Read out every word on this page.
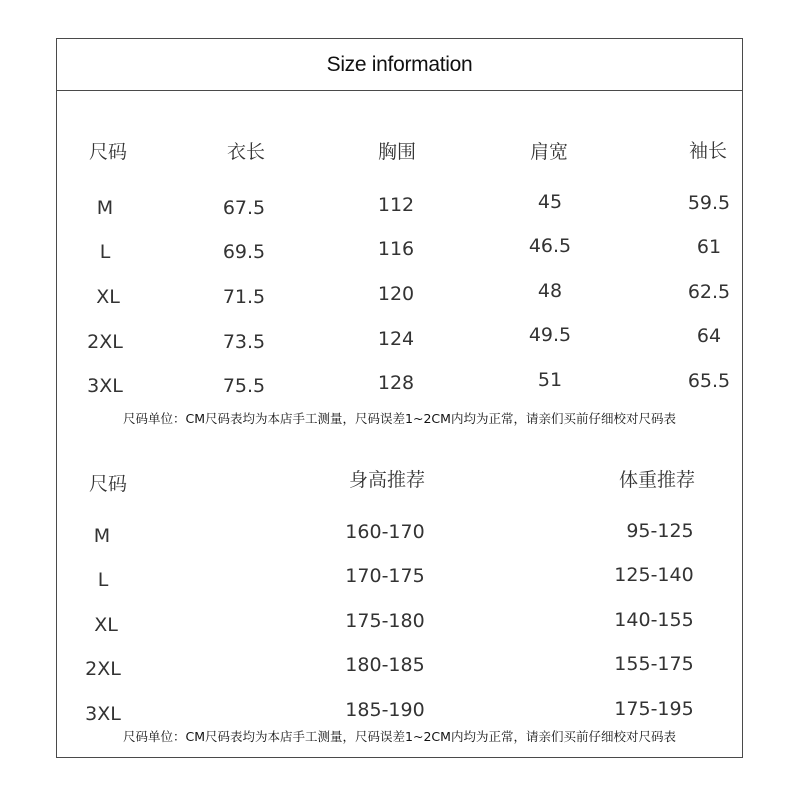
Size information
尺码	衣长	胸围	肩宽	袖长
M	67.5	112	45	59.5
L	69.5	116	46.5	61
XL	71.5	120	48	62.5
2XL	73.5	124	49.5	64
3XL	75.5	128	51	65.5
尺码单位：CM尺码表均为本店手工测量，尺码误差1~2CM内均为正常，请亲们买前仔细校对尺码表
尺码	身高推荐	体重推荐
M	160-170	95-125
L	170-175	125-140
XL	175-180	140-155
2XL	180-185	155-175
3XL	185-190	175-195
尺码单位：CM尺码表均为本店手工测量，尺码误差1~2CM内均为正常，请亲们买前仔细校对尺码表
